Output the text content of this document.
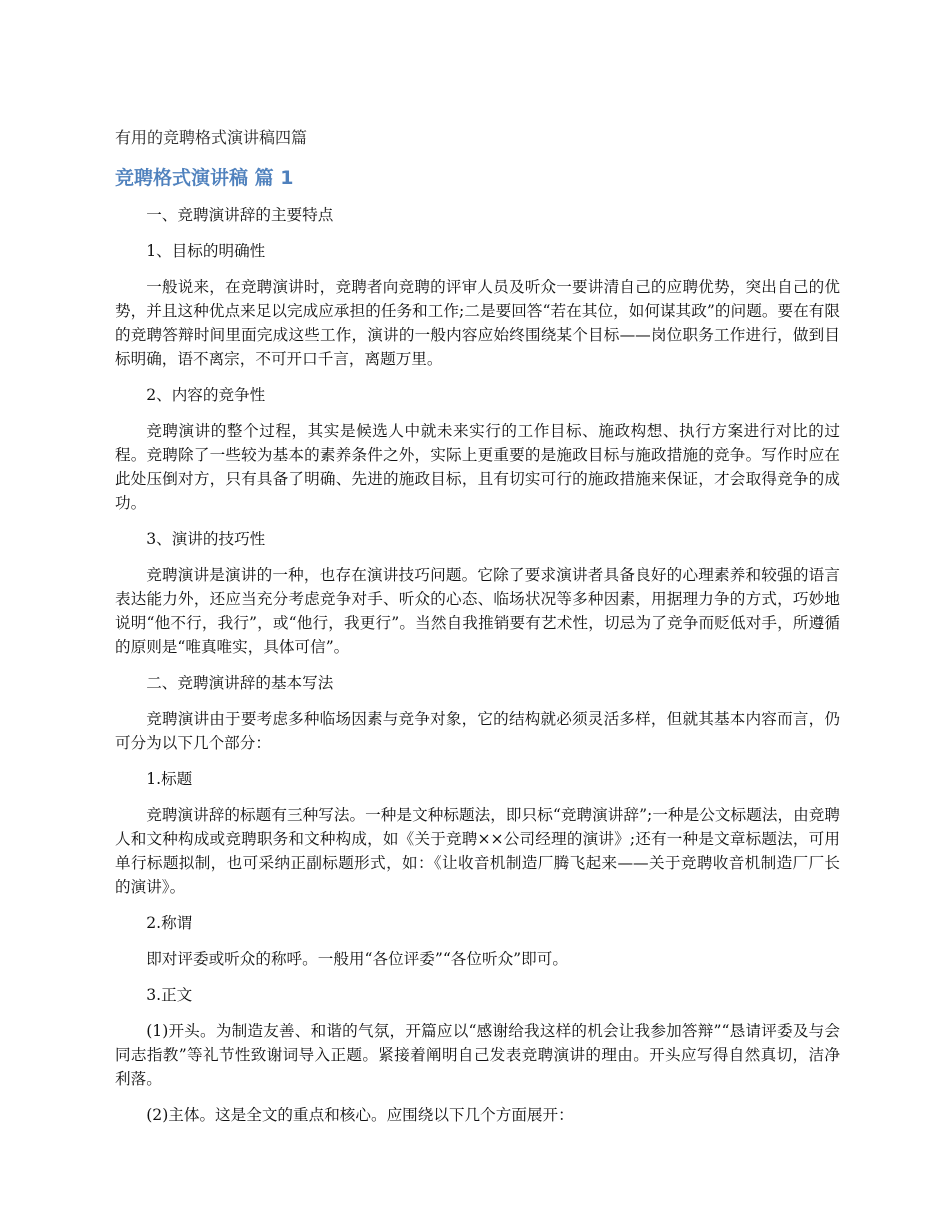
有用的竞聘格式演讲稿四篇
竞聘格式演讲稿 篇 1

一、竞聘演讲辞的主要特点

1、目标的明确性

一般说来，在竞聘演讲时，竞聘者向竞聘的评审人员及听众一要讲清自己的应聘优势，突出自己的优势，并且这种优点来足以完成应承担的任务和工作;二是要回答“若在其位，如何谋其政”的问题。要在有限的竞聘答辩时间里面完成这些工作，演讲的一般内容应始终围绕某个目标——岗位职务工作进行，做到目标明确，语不离宗，不可开口千言，离题万里。

2、内容的竞争性

竞聘演讲的整个过程，其实是候选人中就未来实行的工作目标、施政构想、执行方案进行对比的过程。竞聘除了一些较为基本的素养条件之外，实际上更重要的是施政目标与施政措施的竞争。写作时应在此处压倒对方，只有具备了明确、先进的施政目标，且有切实可行的施政措施来保证，才会取得竞争的成功。

3、演讲的技巧性

竞聘演讲是演讲的一种，也存在演讲技巧问题。它除了要求演讲者具备良好的心理素养和较强的语言表达能力外，还应当充分考虑竞争对手、听众的心态、临场状况等多种因素，用据理力争的方式，巧妙地说明“他不行，我行”，或“他行，我更行”。当然自我推销要有艺术性，切忌为了竞争而贬低对手，所遵循的原则是“唯真唯实，具体可信”。

二、竞聘演讲辞的基本写法

竞聘演讲由于要考虑多种临场因素与竞争对象，它的结构就必须灵活多样，但就其基本内容而言，仍可分为以下几个部分：

1.标题

竞聘演讲辞的标题有三种写法。一种是文种标题法，即只标“竞聘演讲辞”;一种是公文标题法，由竞聘人和文种构成或竞聘职务和文种构成，如《关于竞聘××公司经理的演讲》;还有一种是文章标题法，可用单行标题拟制，也可采纳正副标题形式，如：《让收音机制造厂腾飞起来——关于竞聘收音机制造厂厂长的演讲》。

2.称谓

即对评委或听众的称呼。一般用“各位评委”“各位听众”即可。

3.正文

(1)开头。为制造友善、和谐的气氛，开篇应以“感谢给我这样的机会让我参加答辩”“恳请评委及与会同志指教”等礼节性致谢词导入正题。紧接着阐明自己发表竞聘演讲的理由。开头应写得自然真切，洁净利落。

(2)主体。这是全文的重点和核心。应围绕以下几个方面展开：
